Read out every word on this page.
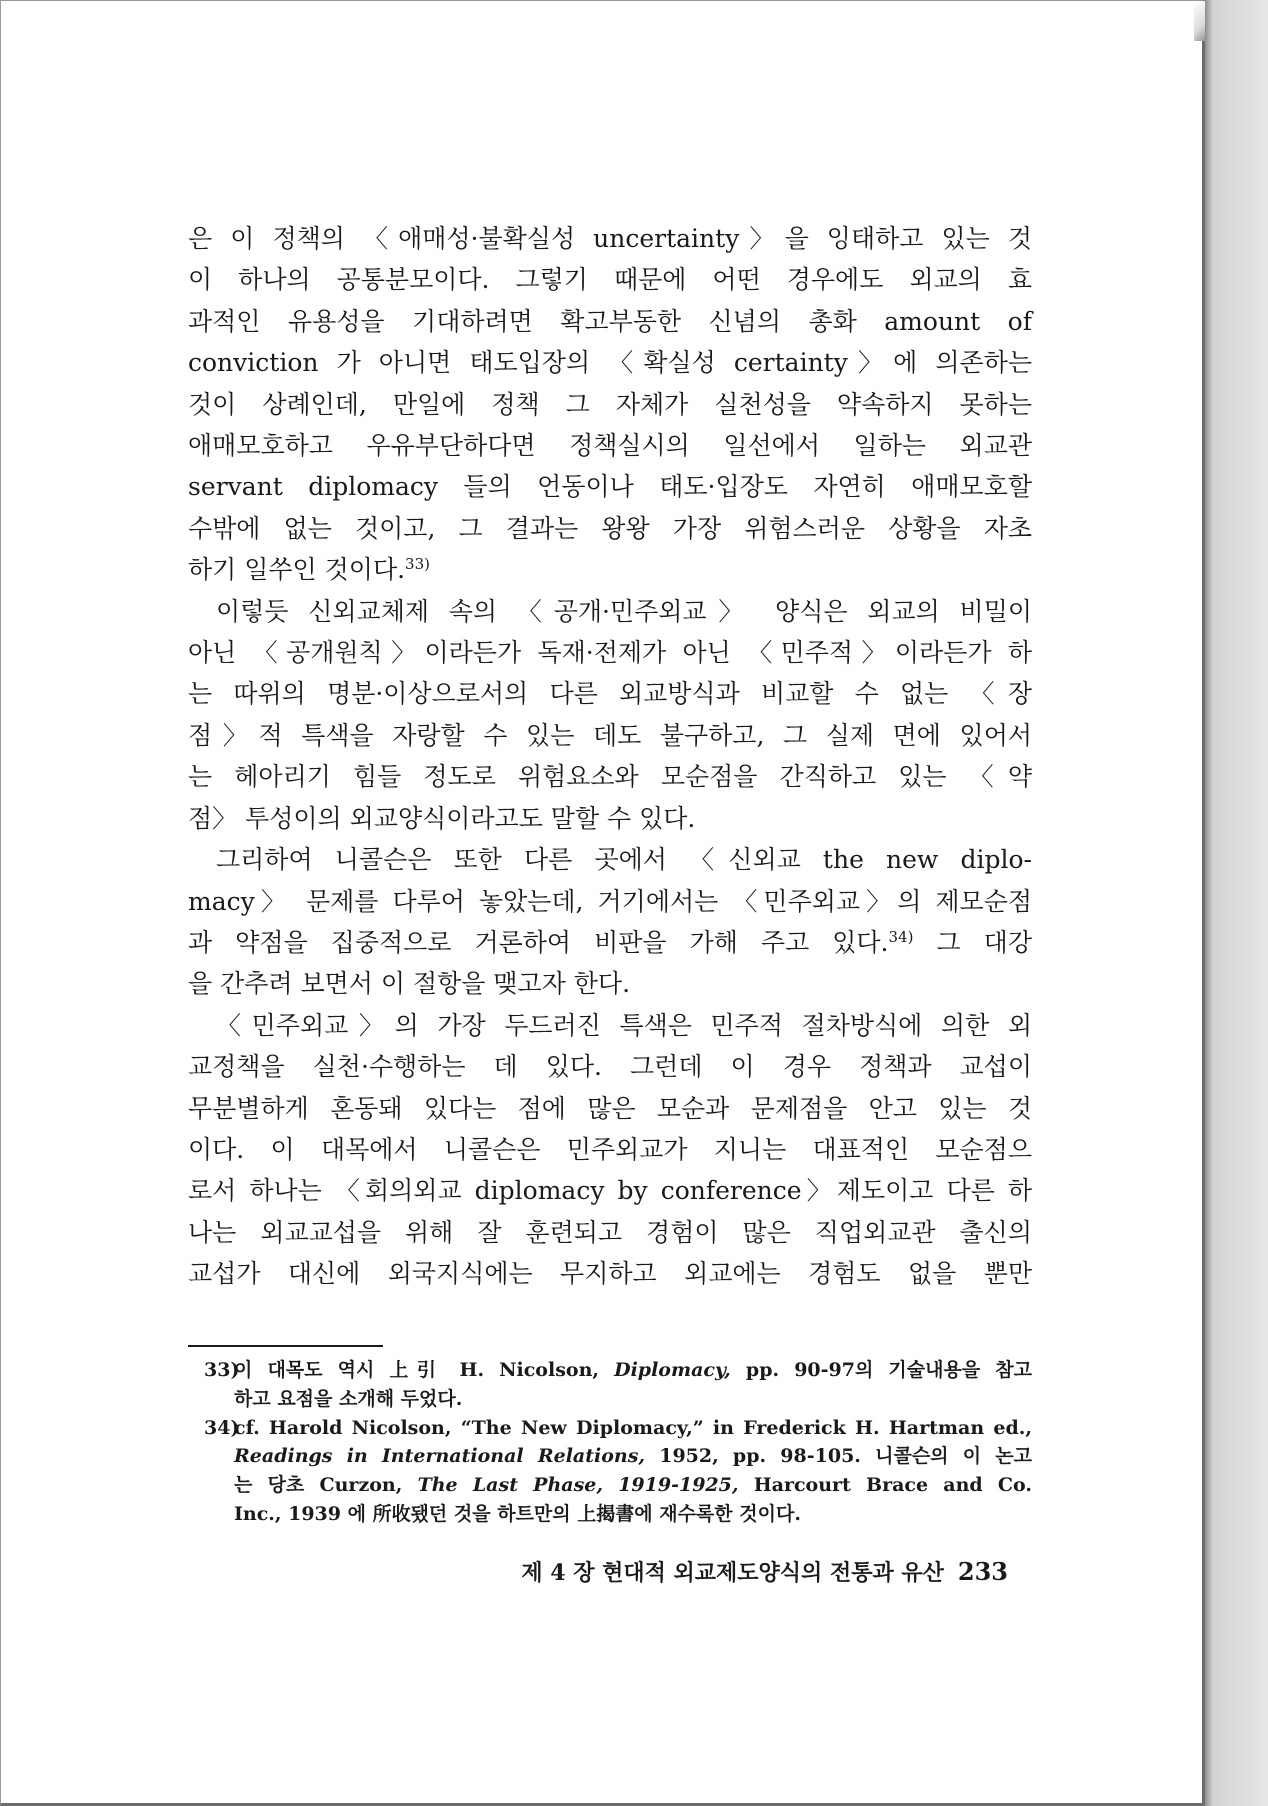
은 이 정책의 〈애매성·불확실성 uncertainty〉을 잉태하고 있는 것
이 하나의 공통분모이다. 그렇기 때문에 어떤 경우에도 외교의 효
과적인 유용성을 기대하려면 확고부동한 신념의 총화 amount of
conviction 가 아니면 태도입장의 〈확실성 certainty〉에 의존하는
것이 상례인데, 만일에 정책 그 자체가 실천성을 약속하지 못하는
애매모호하고 우유부단하다면 정책실시의 일선에서 일하는 외교관
servant diplomacy 들의 언동이나 태도·입장도 자연히 애매모호할
수밖에 없는 것이고, 그 결과는 왕왕 가장 위험스러운 상황을 자초
하기 일쑤인 것이다.$^{33)}$
이렇듯 신외교체제 속의 〈공개·민주외교〉 양식은 외교의 비밀이
아닌 〈공개원칙〉이라든가 독재·전제가 아닌 〈민주적〉이라든가 하
는 따위의 명분·이상으로서의 다른 외교방식과 비교할 수 없는 〈장
점〉적 특색을 자랑할 수 있는 데도 불구하고, 그 실제 면에 있어서
는 헤아리기 힘들 정도로 위험요소와 모순점을 간직하고 있는 〈약
점〉 투성이의 외교양식이라고도 말할 수 있다.
그리하여 니콜슨은 또한 다른 곳에서 〈신외교 the new diplo-
macy〉 문제를 다루어 놓았는데, 거기에서는 〈민주외교〉의 제모순점
과 약점을 집중적으로 거론하여 비판을 가해 주고 있다.$^{34)}$ 그 대강
을 간추려 보면서 이 절항을 맺고자 한다.
〈민주외교〉의 가장 두드러진 특색은 민주적 절차방식에 의한 외
교정책을 실천·수행하는 데 있다. 그런데 이 경우 정책과 교섭이
무분별하게 혼동돼 있다는 점에 많은 모순과 문제점을 안고 있는 것
이다. 이 대목에서 니콜슨은 민주외교가 지니는 대표적인 모순점으
로서 하나는 〈회의외교 diplomacy by conference〉제도이고 다른 하
나는 외교교섭을 위해 잘 훈련되고 경험이 많은 직업외교관 출신의
교섭가 대신에 외국지식에는 무지하고 외교에는 경험도 없을 뿐만
33)
이 대목도 역시 上引 H. Nicolson, Diplomacy, pp. 90-97의 기술내용을 참고
하고 요점을 소개해 두었다.
34)
cf. Harold Nicolson, “The New Diplomacy,” in Frederick H. Hartman ed.,
Readings in International Relations, 1952, pp. 98-105. 니콜슨의 이 논고
는 당초 Curzon, The Last Phase, 1919-1925, Harcourt Brace and Co.
Inc., 1939 에 所收됐던 것을 하트만의 上揭書에 재수록한 것이다.
제 4 장 현대적 외교제도양식의 전통과 유산 233
